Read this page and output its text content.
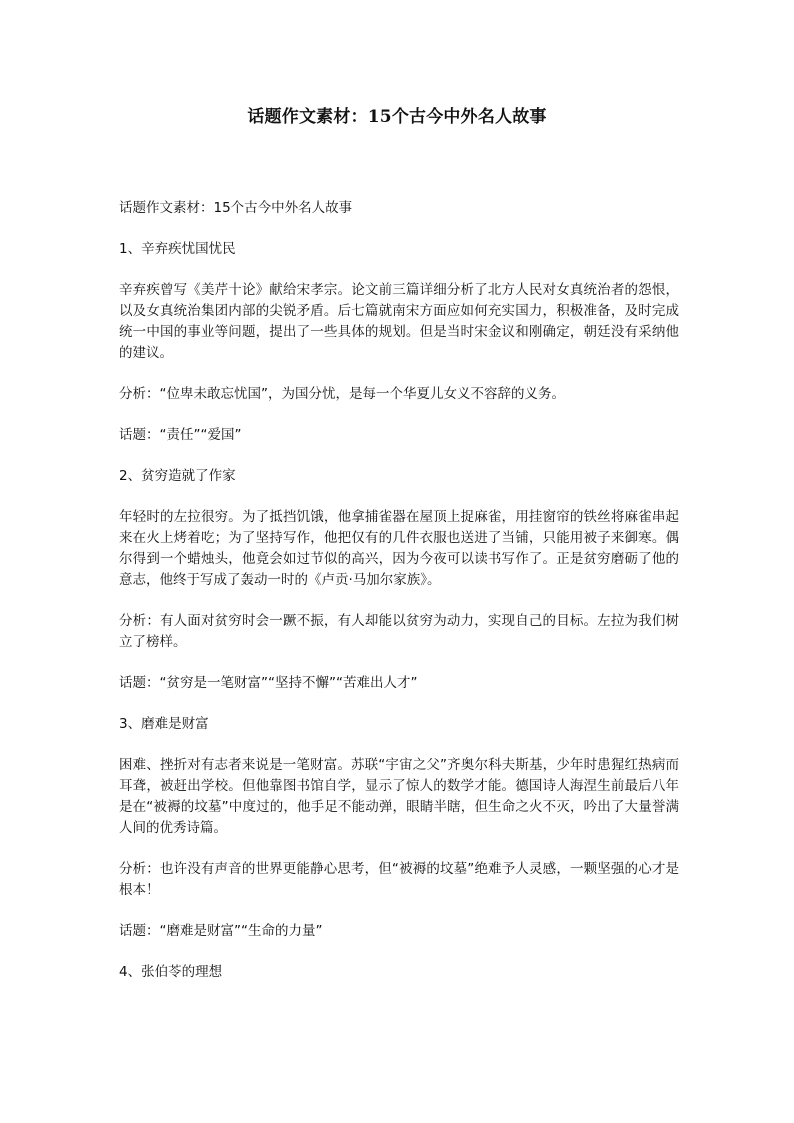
话题作文素材：15个古今中外名人故事

话题作文素材：15个古今中外名人故事

1、辛弃疾忧国忧民

辛弃疾曾写《美芹十论》献给宋孝宗。论文前三篇详细分析了北方人民对女真统治者的怨恨，以及女真统治集团内部的尖锐矛盾。后七篇就南宋方面应如何充实国力，积极准备，及时完成统一中国的事业等问题，提出了一些具体的规划。但是当时宋金议和刚确定，朝廷没有采纳他的建议。

分析：“位卑未敢忘忧国”，为国分忧，是每一个华夏儿女义不容辞的义务。

话题：“责任”“爱国”

2、贫穷造就了作家

年轻时的左拉很穷。为了抵挡饥饿，他拿捕雀器在屋顶上捉麻雀，用挂窗帘的铁丝将麻雀串起来在火上烤着吃；为了坚持写作，他把仅有的几件衣服也送进了当铺，只能用被子来御寒。偶尔得到一个蜡烛头，他竟会如过节似的高兴，因为今夜可以读书写作了。正是贫穷磨砺了他的意志，他终于写成了轰动一时的《卢贡·马加尔家族》。

分析：有人面对贫穷时会一蹶不振，有人却能以贫穷为动力，实现自己的目标。左拉为我们树立了榜样。

话题：“贫穷是一笔财富”“坚持不懈”“苦难出人才”

3、磨难是财富

困难、挫折对有志者来说是一笔财富。苏联“宇宙之父”齐奥尔科夫斯基，少年时患猩红热病而耳聋，被赶出学校。但他靠图书馆自学，显示了惊人的数学才能。德国诗人海涅生前最后八年是在“被褥的坟墓”中度过的，他手足不能动弹，眼睛半瞎，但生命之火不灭，吟出了大量誉满人间的优秀诗篇。

分析：也许没有声音的世界更能静心思考，但“被褥的坟墓”绝难予人灵感，一颗坚强的心才是根本！

话题：“磨难是财富”“生命的力量”

4、张伯苓的理想
